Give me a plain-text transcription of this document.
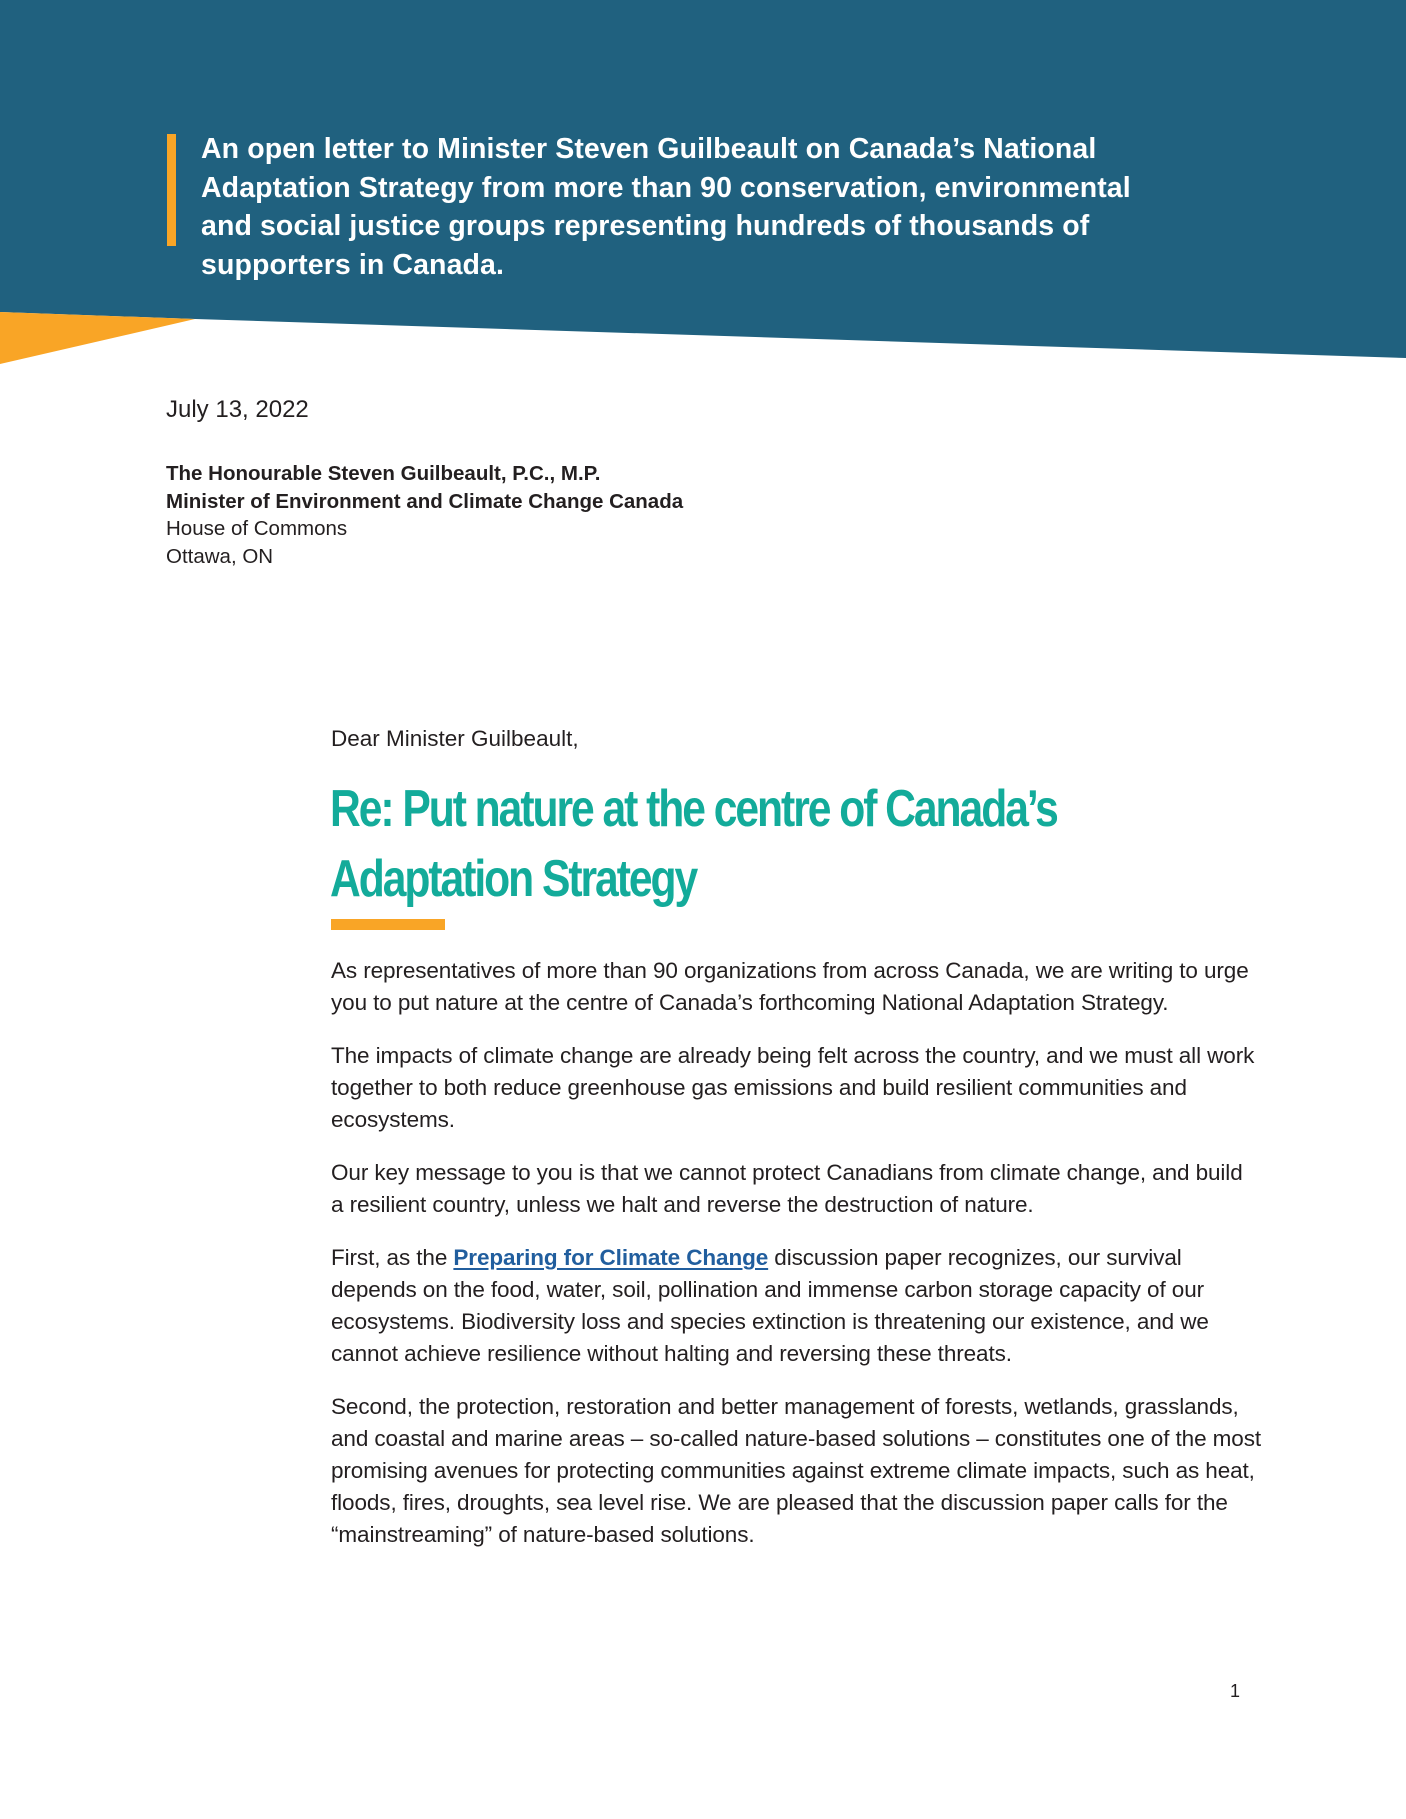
An open letter to Minister Steven Guilbeault on Canada’s National
Adaptation Strategy from more than 90 conservation, environmental
and social justice groups representing hundreds of thousands of
supporters in Canada.
July 13, 2022
The Honourable Steven Guilbeault, P.C., M.P.
Minister of Environment and Climate Change Canada
House of Commons
Ottawa, ON
Dear Minister Guilbeault,
Re: Put nature at the centre of Canada’s
Adaptation Strategy

As representatives of more than 90 organizations from across Canada, we are writing to urge you to put nature at the centre of Canada’s forthcoming National Adaptation Strategy.

The impacts of climate change are already being felt across the country, and we must all work together to both reduce greenhouse gas emissions and build resilient communities and ecosystems.

Our key message to you is that we cannot protect Canadians from climate change, and build a resilient country, unless we halt and reverse the destruction of nature.

First, as the Preparing for Climate Change discussion paper recognizes, our survival depends on the food, water, soil, pollination and immense carbon storage capacity of our ecosystems. Biodiversity loss and species extinction is threatening our existence, and we cannot achieve resilience without halting and reversing these threats.

Second, the protection, restoration and better management of forests, wetlands, grasslands, and coastal and marine areas – so-called nature-based solutions – constitutes one of the most promising avenues for protecting communities against extreme climate impacts, such as heat, floods, fires, droughts, sea level rise. We are pleased that the discussion paper calls for the “mainstreaming” of nature-based solutions.

1
